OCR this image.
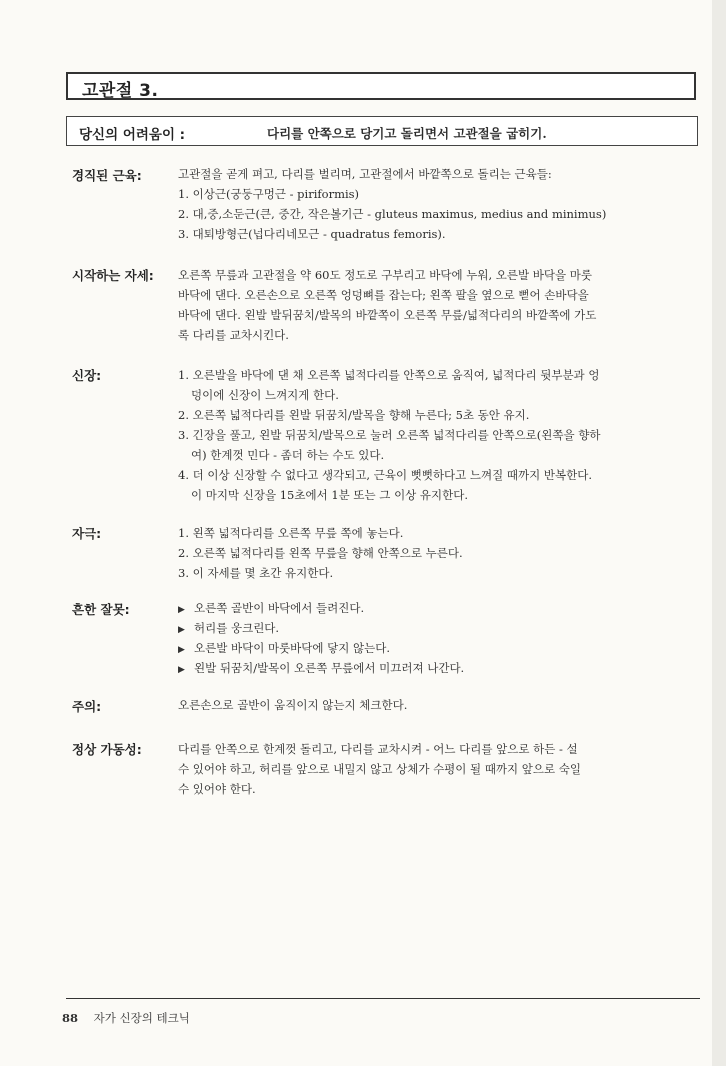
고관절 3.
당신의 어려움이 :	다리를 안쪽으로 당기고 돌리면서 고관절을 굽히기.
경직된 근육:	고관절을 곧게 펴고, 다리를 벌리며, 고관절에서 바깥쪽으로 돌리는 근육들:
1. 이상근(궁둥구멍근 - piriformis)
2. 대,중,소둔근(큰, 중간, 작은볼기근 - gluteus maximus, medius and minimus)
3. 대퇴방형근(넙다리네모근 - quadratus femoris).
시작하는 자세: 오른쪽 무릎과 고관절을 약 60도 정도로 구부리고 바닥에 누워, 오른발 바닥을 마룻
바닥에 댄다. 오른손으로 오른쪽 엉덩뼈를 잡는다; 왼쪽 팔을 옆으로 뻗어 손바닥을
바닥에 댄다. 왼발 발뒤꿈치/발목의 바깥쪽이 오른쪽 무릎/넓적다리의 바깥쪽에 가도
록 다리를 교차시킨다.
신장:	1. 오른발을 바닥에 댄 채 오른쪽 넓적다리를 안쪽으로 움직여, 넓적다리 뒷부분과 엉
덩이에 신장이 느껴지게 한다.
2. 오른쪽 넓적다리를 왼발 뒤꿈치/발목을 향해 누른다; 5초 동안 유지.
3. 긴장을 풀고, 왼발 뒤꿈치/발목으로 눌러 오른쪽 넓적다리를 안쪽으로(왼쪽을 향하
여) 한계껏 민다 - 좀더 하는 수도 있다.
4. 더 이상 신장할 수 없다고 생각되고, 근육이 뻣뻣하다고 느껴질 때까지 반복한다.
이 마지막 신장을 15초에서 1분 또는 그 이상 유지한다.
자극:	1. 왼쪽 넓적다리를 오른쪽 무릎 쪽에 놓는다.
2. 오른쪽 넓적다리를 왼쪽 무릎을 향해 안쪽으로 누른다.
3. 이 자세를 몇 초간 유지한다.
흔한 잘못:	▶ 오른쪽 골반이 바닥에서 들려진다.
▶ 허리를 웅크린다.
▶ 오른발 바닥이 마룻바닥에 닿지 않는다.
▶ 왼발 뒤꿈치/발목이 오른쪽 무릎에서 미끄러져 나간다.
주의:	오른손으로 골반이 움직이지 않는지 체크한다.
정상 가동성:	다리를 안쪽으로 한계껏 돌리고, 다리를 교차시켜 - 어느 다리를 앞으로 하든 - 설
수 있어야 하고, 허리를 앞으로 내밀지 않고 상체가 수평이 될 때까지 앞으로 숙일
수 있어야 한다.
88 자가 신장의 테크닉
